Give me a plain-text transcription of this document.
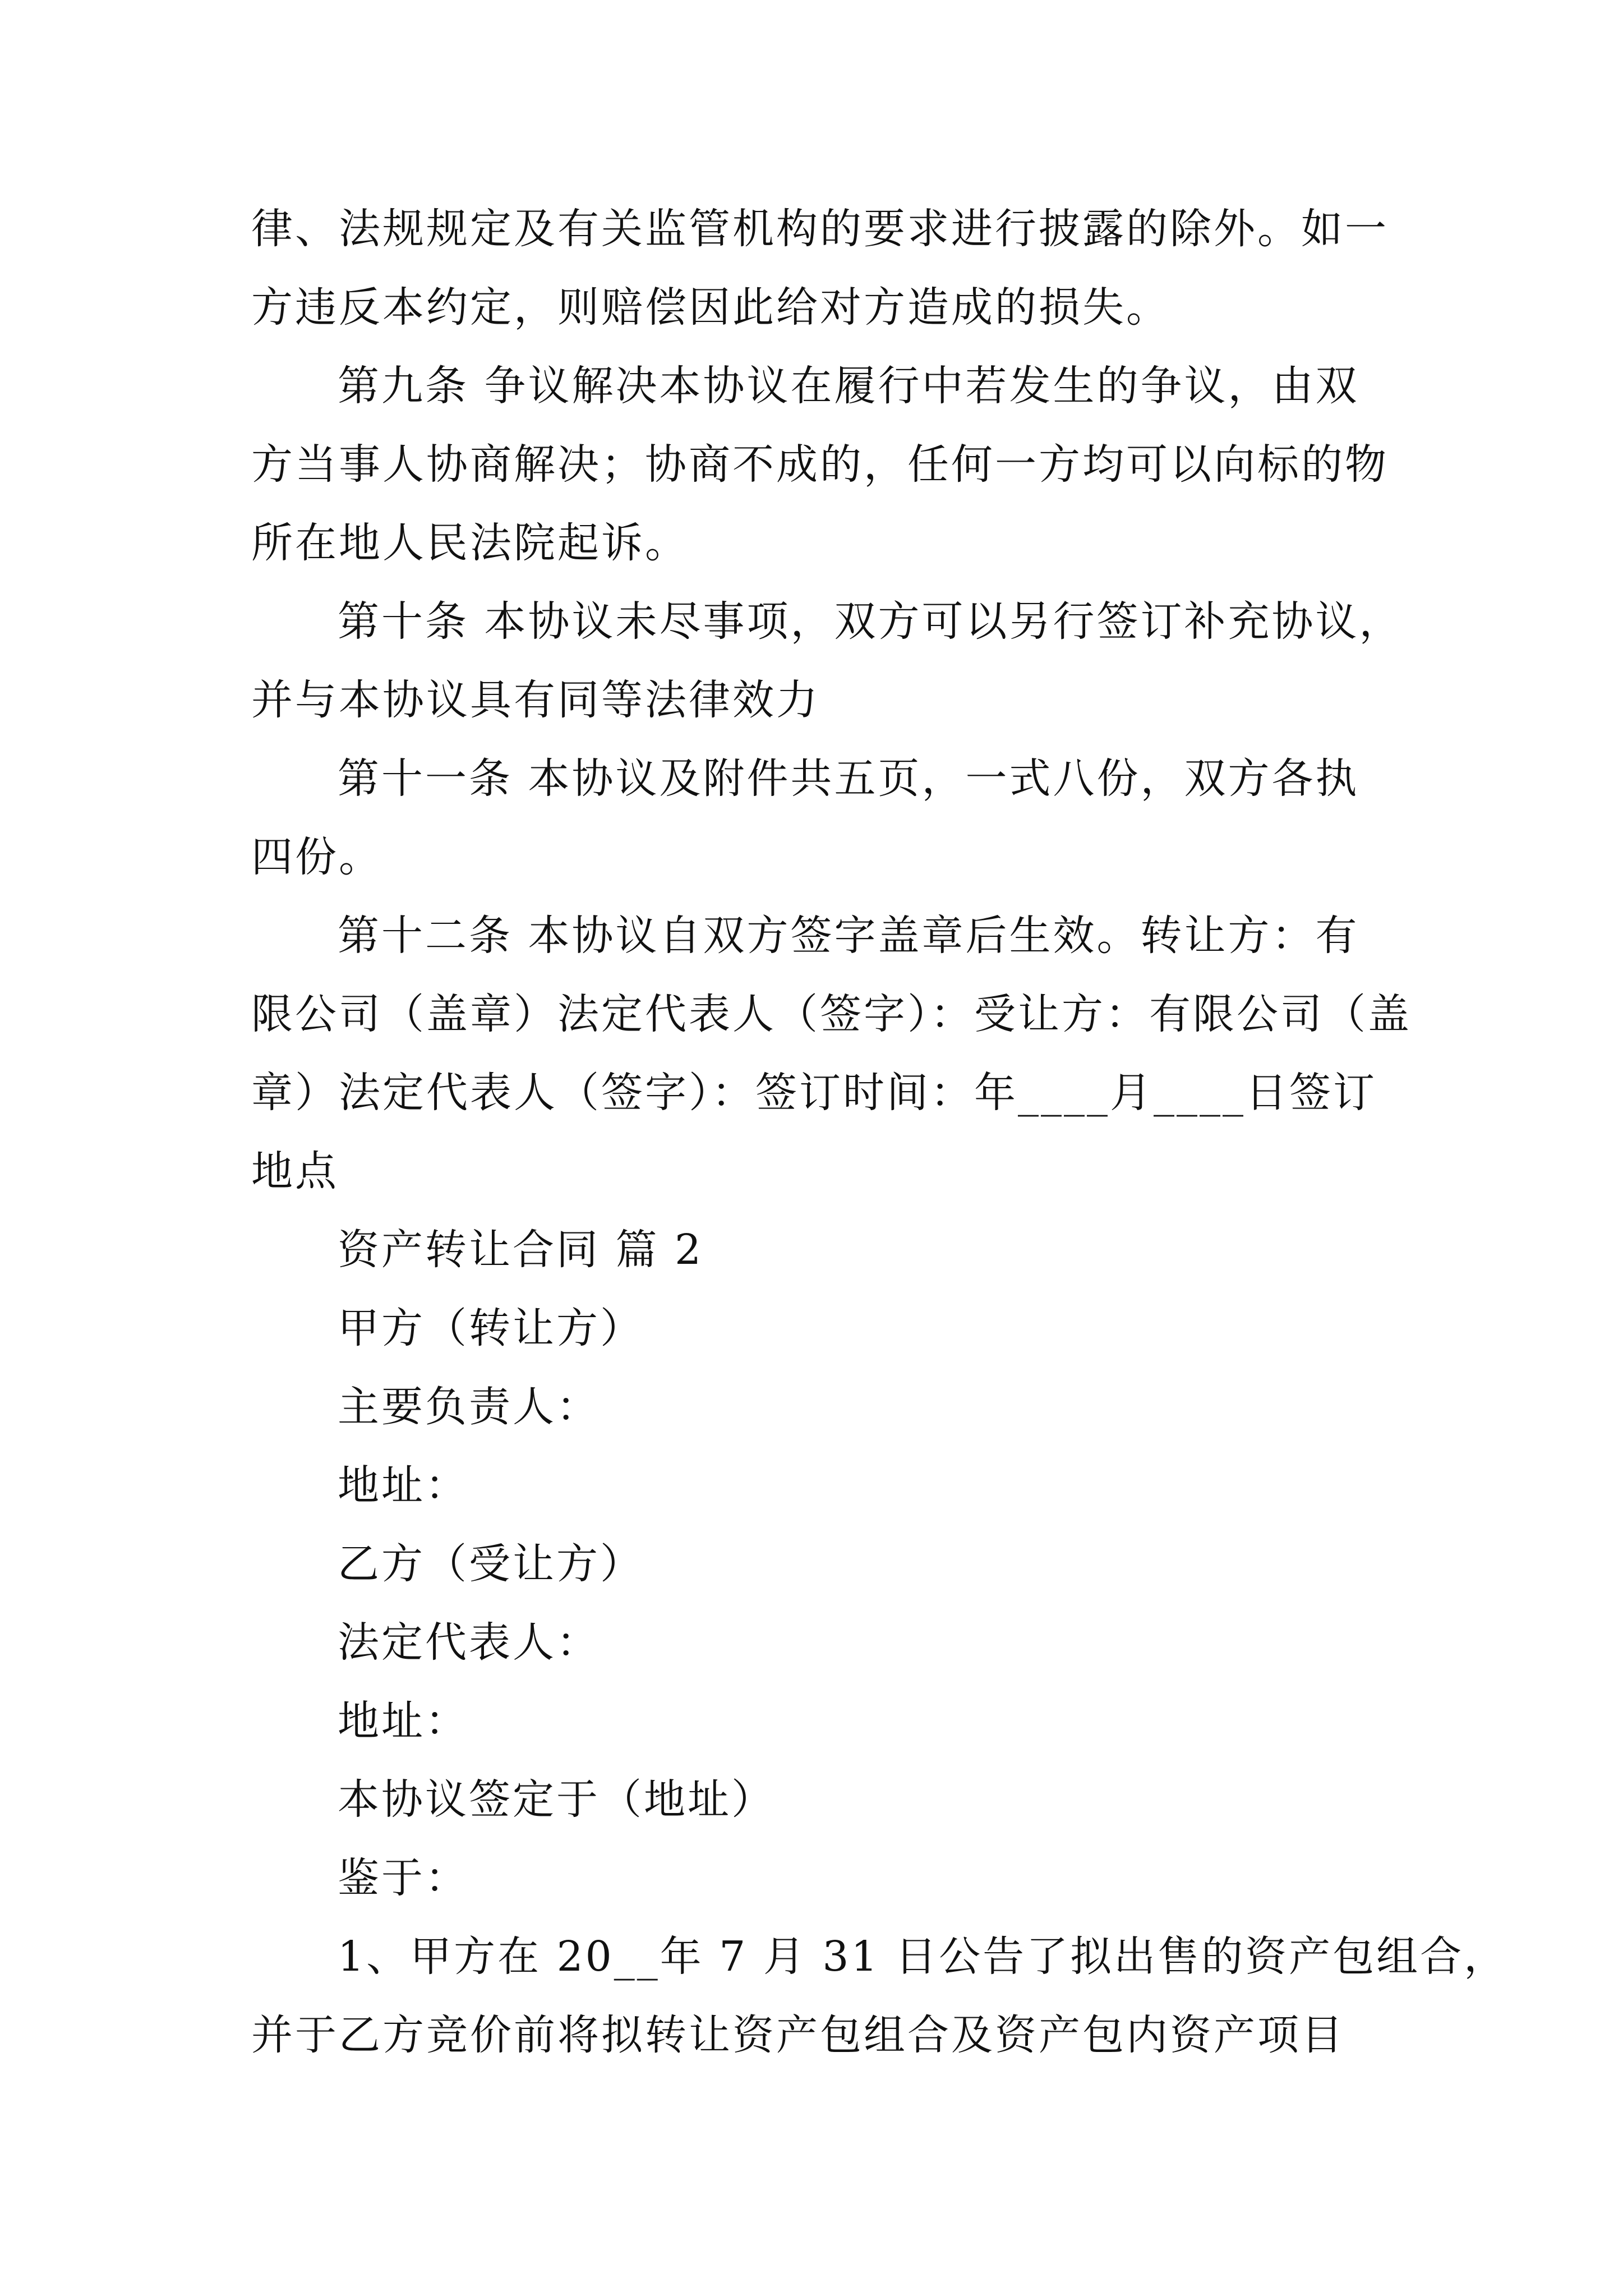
律、法规规定及有关监管机构的要求进行披露的除外。如一
方违反本约定，则赔偿因此给对方造成的损失。
第九条 争议解决本协议在履行中若发生的争议，由双
方当事人协商解决；协商不成的，任何一方均可以向标的物
所在地人民法院起诉。
第十条 本协议未尽事项，双方可以另行签订补充协议，
并与本协议具有同等法律效力
第十一条 本协议及附件共五页，一式八份，双方各执
四份。
第十二条 本协议自双方签字盖章后生效。转让方：有
限公司（盖章）法定代表人（签字）：受让方：有限公司（盖
章）法定代表人（签字）：签订时间：年____月____日签订
地点
资产转让合同 篇 2
甲方（转让方）
主要负责人：
地址：
乙方（受让方）
法定代表人：
地址：
本协议签定于（地址）
鉴于：
1、甲方在 20__年 7 月 31 日公告了拟出售的资产包组合，
并于乙方竞价前将拟转让资产包组合及资产包内资产项目
